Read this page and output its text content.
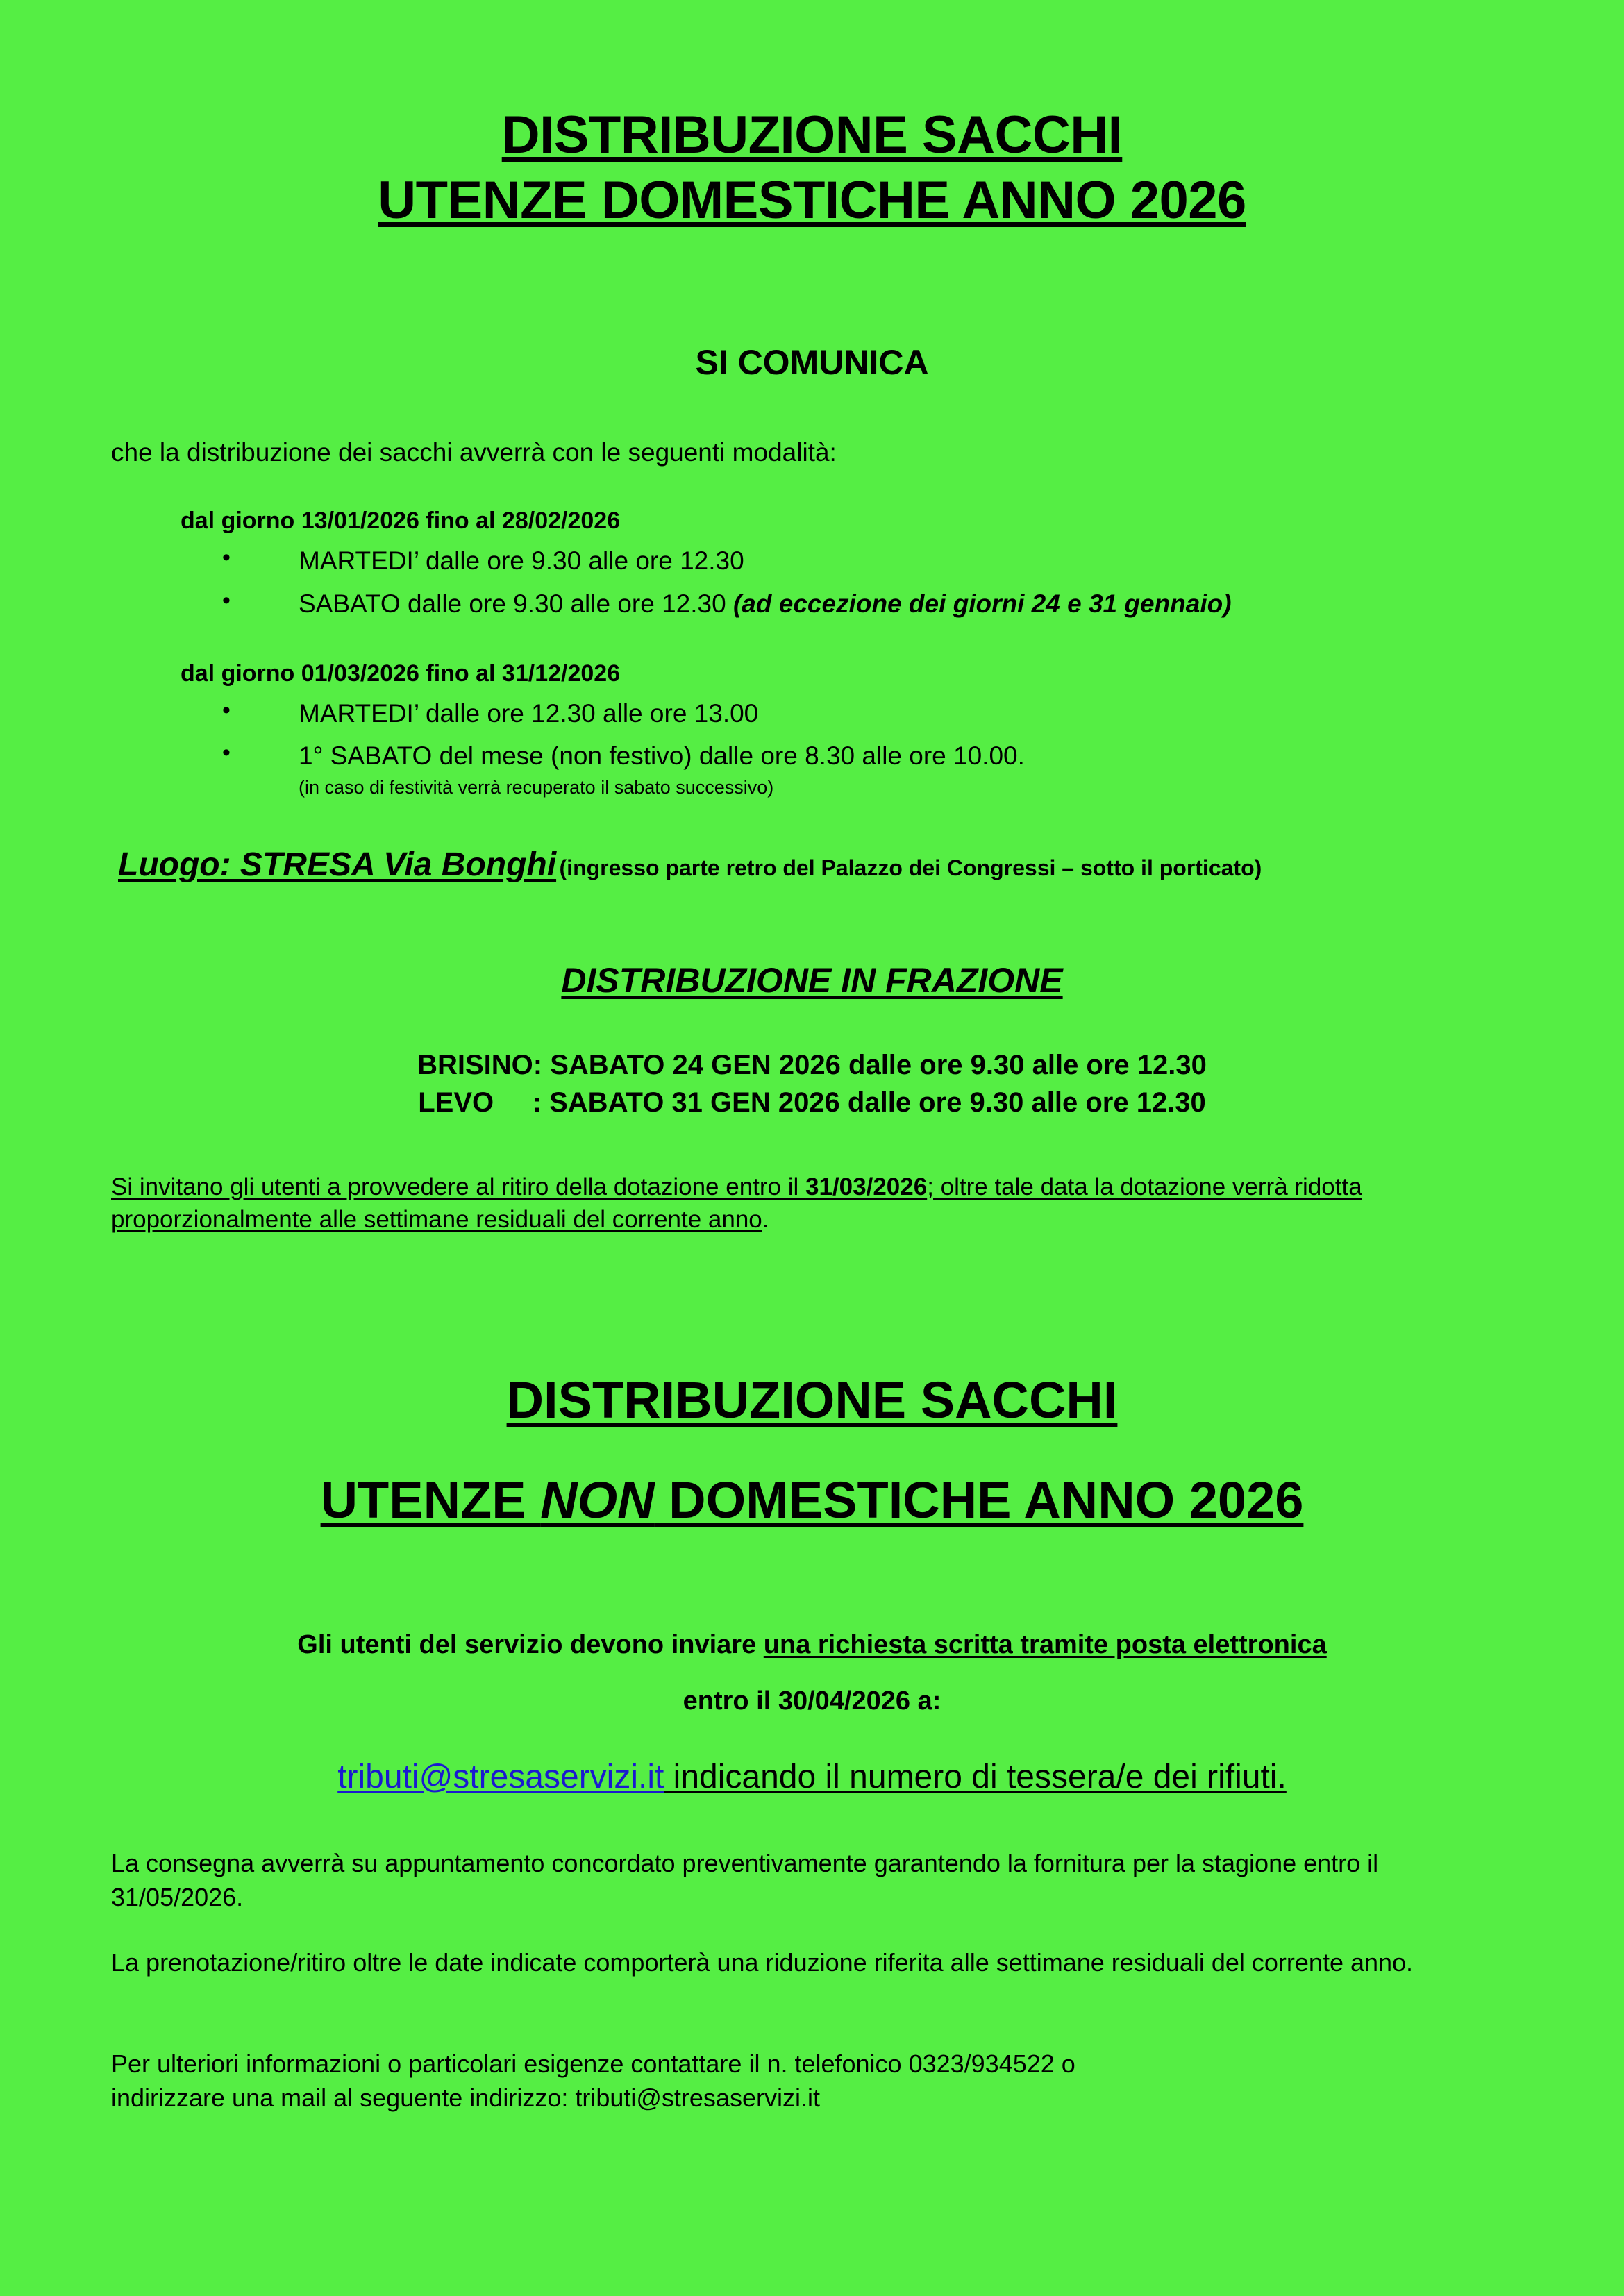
DISTRIBUZIONE SACCHI
UTENZE DOMESTICHE ANNO 2026
SI COMUNICA
che la distribuzione dei sacchi avverrà con le seguenti modalità:
dal giorno 13/01/2026 fino al 28/02/2026
• MARTEDI’ dalle ore 9.30 alle ore 12.30
• SABATO dalle ore 9.30 alle ore 12.30 (ad eccezione dei giorni 24 e 31 gennaio)
dal giorno 01/03/2026 fino al 31/12/2026
• MARTEDI’ dalle ore 12.30 alle ore 13.00
• 1° SABATO del mese (non festivo) dalle ore 8.30 alle ore 10.00.
(in caso di festività verrà recuperato il sabato successivo)
Luogo: STRESA Via Bonghi (ingresso parte retro del Palazzo dei Congressi – sotto il porticato)
DISTRIBUZIONE IN FRAZIONE
BRISINO: SABATO 24 GEN 2026 dalle ore 9.30 alle ore 12.30
LEVO     : SABATO 31 GEN 2026 dalle ore 9.30 alle ore 12.30
Si invitano gli utenti a provvedere al ritiro della dotazione entro il 31/03/2026; oltre tale data la dotazione verrà ridotta proporzionalmente alle settimane residuali del corrente anno.
DISTRIBUZIONE SACCHI
UTENZE NON DOMESTICHE ANNO 2026
Gli utenti del servizio devono inviare una richiesta scritta tramite posta elettronica
entro il 30/04/2026 a:
tributi@stresaservizi.it indicando il numero di tessera/e dei rifiuti.
La consegna avverrà su appuntamento concordato preventivamente garantendo la fornitura per la stagione entro il 31/05/2026.
La prenotazione/ritiro oltre le date indicate comporterà una riduzione riferita alle settimane residuali del corrente anno.
Per ulteriori informazioni o particolari esigenze contattare il n. telefonico 0323/934522 o
indirizzare una mail al seguente indirizzo: tributi@stresaservizi.it
